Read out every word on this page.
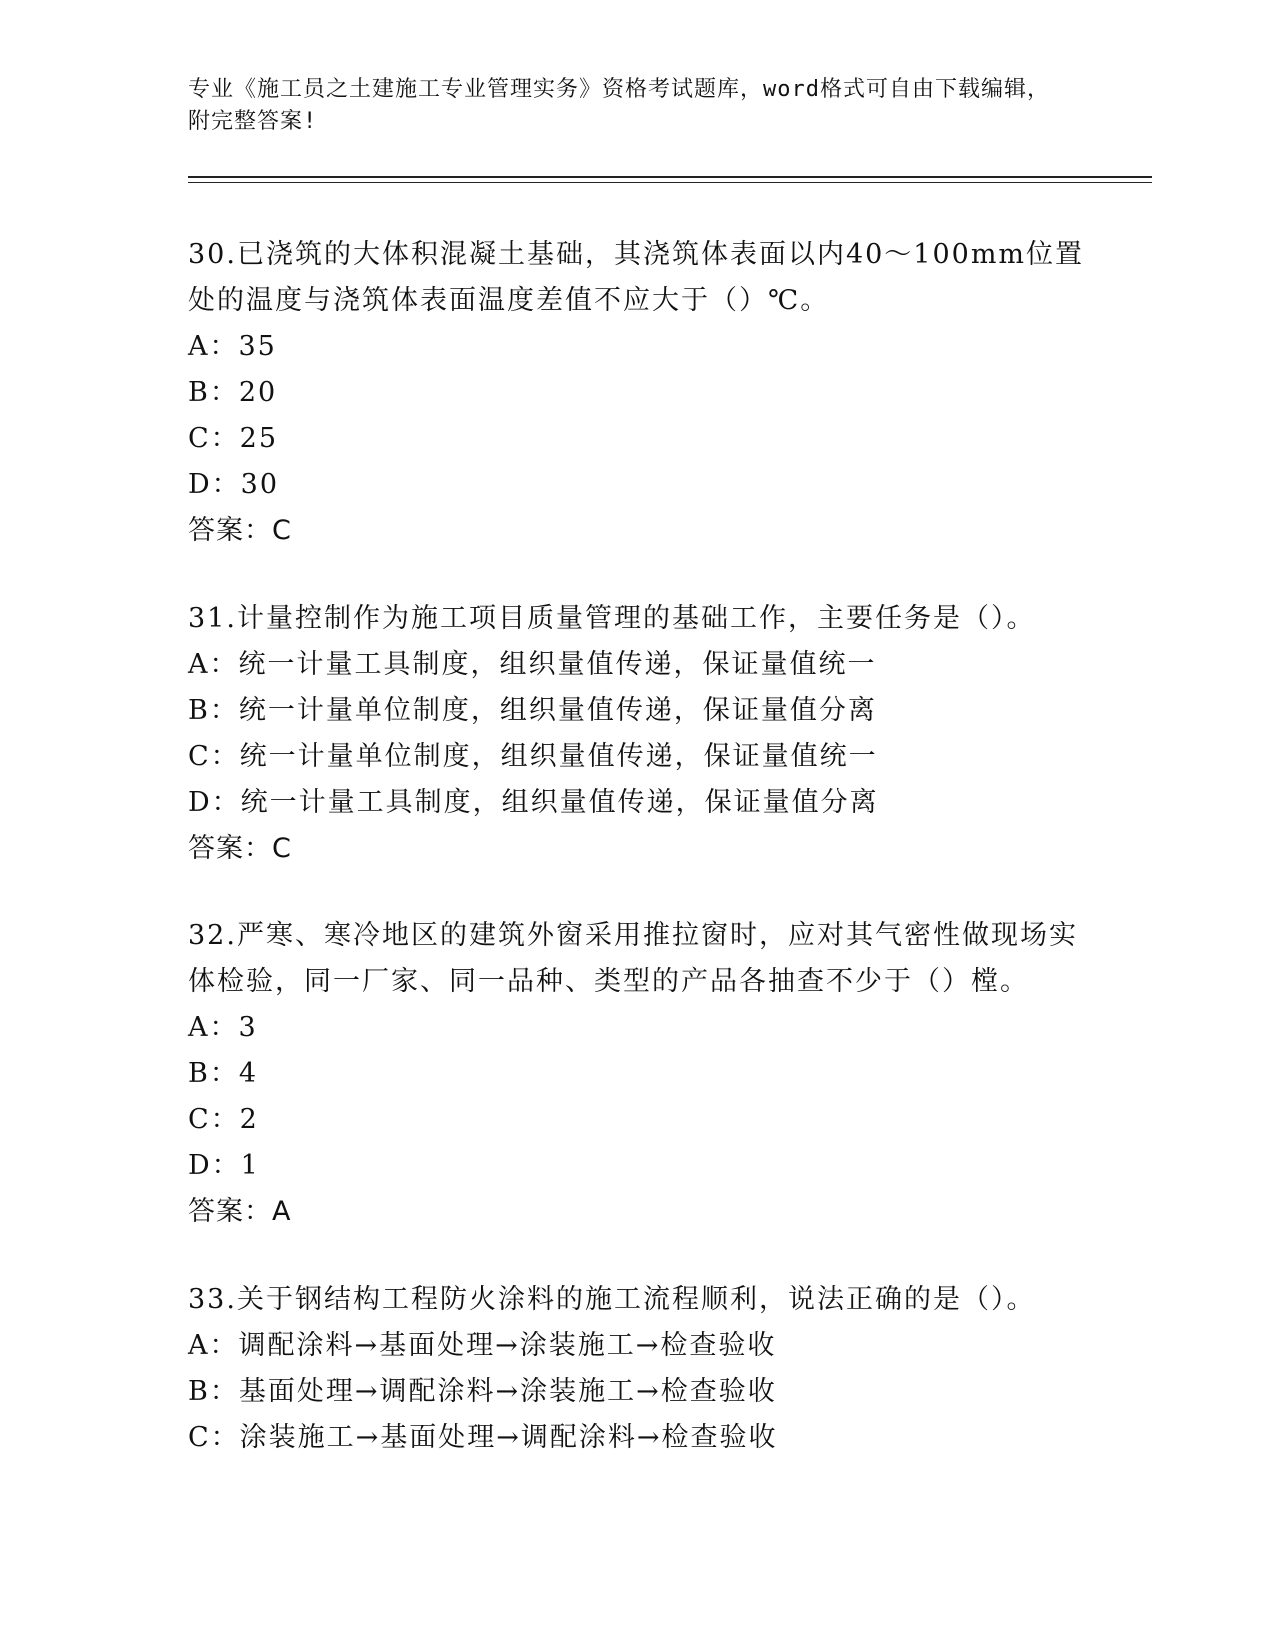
专业《施工员之土建施工专业管理实务》资格考试题库，word格式可自由下载编辑，附完整答案!
30.已浇筑的大体积混凝土基础，其浇筑体表面以内40～100mm位置处的温度与浇筑体表面温度差值不应大于（）℃。
A：35
B：20
C：25
D：30
答案：C
31.计量控制作为施工项目质量管理的基础工作，主要任务是（）。
A：统一计量工具制度，组织量值传递，保证量值统一
B：统一计量单位制度，组织量值传递，保证量值分离
C：统一计量单位制度，组织量值传递，保证量值统一
D：统一计量工具制度，组织量值传递，保证量值分离
答案：C
32.严寒、寒冷地区的建筑外窗采用推拉窗时，应对其气密性做现场实体检验，同一厂家、同一品种、类型的产品各抽查不少于（）樘。
A：3
B：4
C：2
D：1
答案：A
33.关于钢结构工程防火涂料的施工流程顺利，说法正确的是（）。
A：调配涂料→基面处理→涂装施工→检查验收
B：基面处理→调配涂料→涂装施工→检查验收
C：涂装施工→基面处理→调配涂料→检查验收
